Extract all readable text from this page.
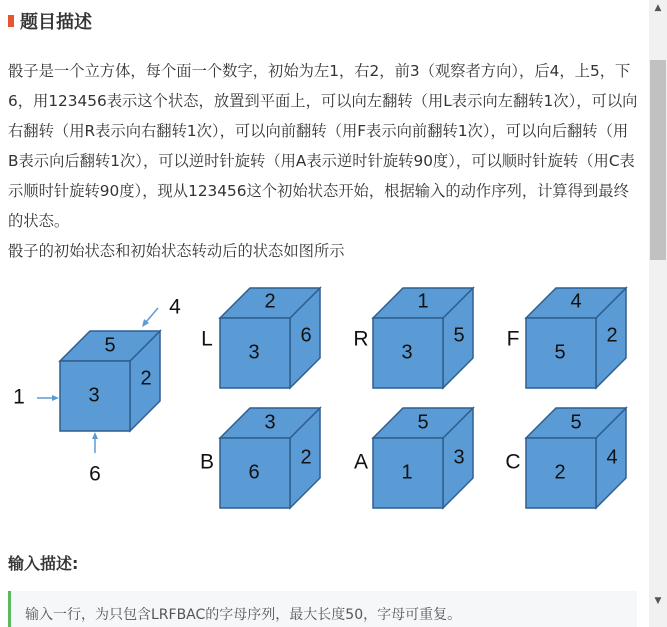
题目描述

骰子是一个立方体，每个面一个数字，初始为左1，右2，前3（观察者方向），后4，上5，下6，用123456表示这个状态，放置到平面上，可以向左翻转（用L表示向左翻转1次），可以向右翻转（用R表示向右翻转1次），可以向前翻转（用F表示向前翻转1次），可以向后翻转（用B表示向后翻转1次），可以逆时针旋转（用A表示逆时针旋转90度），可以顺时针旋转（用C表示顺时针旋转90度），现从123456这个初始状态开始，根据输入的动作序列，计算得到最终的状态。
骰子的初始状态和初始状态转动后的状态如图所示

5
3
2
1
4
6
L
2
3
6 R
1
3
5 F
4
5
2
B
3
6
2 A
5
1
3 C
5
2
4
输入描述:
输入一行，为只包含LRFBAC的字母序列，最大长度50，字母可重复。
▲
▼
